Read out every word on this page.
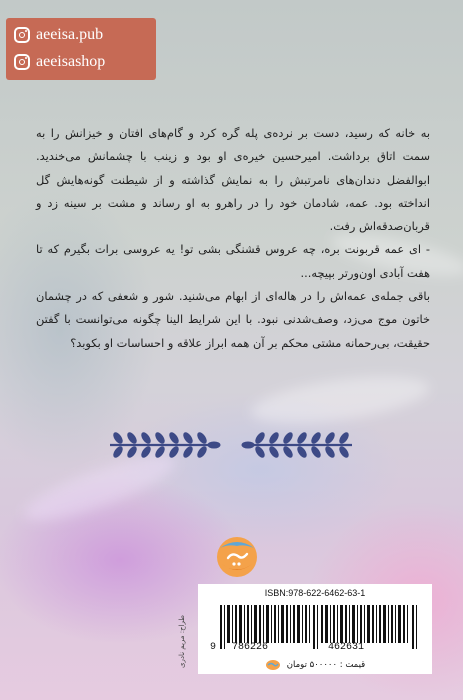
aeeisa.pub
aeeisashop

به خانه که رسید، دست بر نرده‌ی پله گره کرد و گام‌های افتان و خیزانش را به سمت اتاق برداشت. امیرحسین خیره‌ی او بود و زینب با چشمانش می‌خندید. ابوالفضل دندان‌های نامرتبش را به نمایش گذاشته و از شیطنت گونه‌هایش گل انداخته بود. عمه، شادمان خود را در راهرو به او رساند و مشت بر سینه زد و قربان‌صدقه‌اش رفت.

- ای عمه قربونت بره، چه عروس قشنگی بشی تو! یه عروسی برات بگیرم که تا هفت آبادی اون‌ورتر بپیچه...

باقی جمله‌ی عمه‌اش را در هاله‌ای از ابهام می‌شنید. شور و شعفی که در چشمان خاتون موج می‌زد، وصف‌شدنی نبود. با این شرایط الینا چگونه می‌توانست با گفتن حقیقت، بی‌رحمانه مشتی محکم بر آن همه ابراز علاقه و احساسات او بکوبد؟

طراح: مریم نادری
ISBN:978-622-6462-63-1
9 786226	462631
قیمت : ۵۰۰۰۰۰ تومان
